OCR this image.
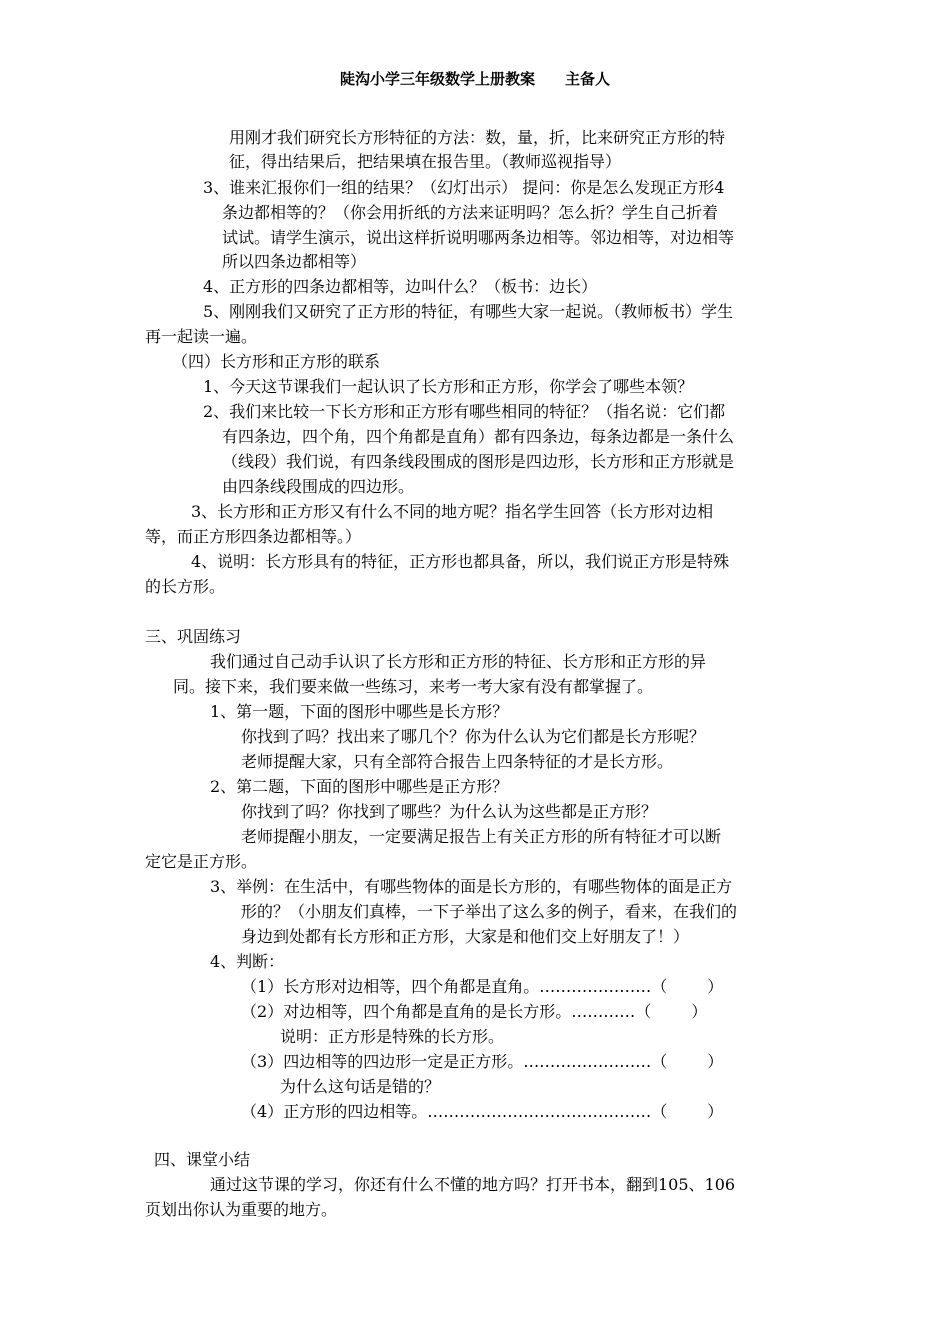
陡沟小学三年级数学上册教案 主备人
用刚才我们研究长方形特征的方法：数，量，折，比来研究正方形的特
征，得出结果后，把结果填在报告里。（教师巡视指导）
3、谁来汇报你们一组的结果？（幻灯出示） 提问：你是怎么发现正方形4
条边都相等的？（你会用折纸的方法来证明吗？怎么折？学生自己折着
试试。请学生演示，说出这样折说明哪两条边相等。邻边相等，对边相等
所以四条边都相等）
4、正方形的四条边都相等，边叫什么？（板书：边长）
5、刚刚我们又研究了正方形的特征，有哪些大家一起说。（教师板书）学生
再一起读一遍。
（四）长方形和正方形的联系
1、今天这节课我们一起认识了长方形和正方形，你学会了哪些本领？
2、我们来比较一下长方形和正方形有哪些相同的特征？（指名说：它们都
有四条边，四个角，四个角都是直角）都有四条边，每条边都是一条什么
（线段）我们说，有四条线段围成的图形是四边形，长方形和正方形就是
由四条线段围成的四边形。
3、长方形和正方形又有什么不同的地方呢？指名学生回答（长方形对边相
等，而正方形四条边都相等。）
4、说明：长方形具有的特征，正方形也都具备，所以，我们说正方形是特殊
的长方形。
三、巩固练习
我们通过自己动手认识了长方形和正方形的特征、长方形和正方形的异
同。接下来，我们要来做一些练习，来考一考大家有没有都掌握了。
1、第一题，下面的图形中哪些是长方形？
你找到了吗？找出来了哪几个？你为什么认为它们都是长方形呢？
老师提醒大家，只有全部符合报告上四条特征的才是长方形。
2、第二题，下面的图形中哪些是正方形？
你找到了吗？你找到了哪些？为什么认为这些都是正方形？
老师提醒小朋友，一定要满足报告上有关正方形的所有特征才可以断
定它是正方形。
3、举例：在生活中，有哪些物体的面是长方形的，有哪些物体的面是正方
形的？（小朋友们真棒，一下子举出了这么多的例子，看来，在我们的
身边到处都有长方形和正方形，大家是和他们交上好朋友了！）
4、判断：
四、课堂小结
通过这节课的学习，你还有什么不懂的地方吗？打开书本，翻到105、106
页划出你认为重要的地方。
（1）长方形对边相等，四个角都是直角。…………………（	）
（2）对边相等，四个角都是直角的是长方形。…………（	）
（3）四边相等的四边形一定是正方形。……………………（	）
（4）正方形的四边相等。……………………………………（	）
说明：正方形是特殊的长方形。
为什么这句话是错的？
